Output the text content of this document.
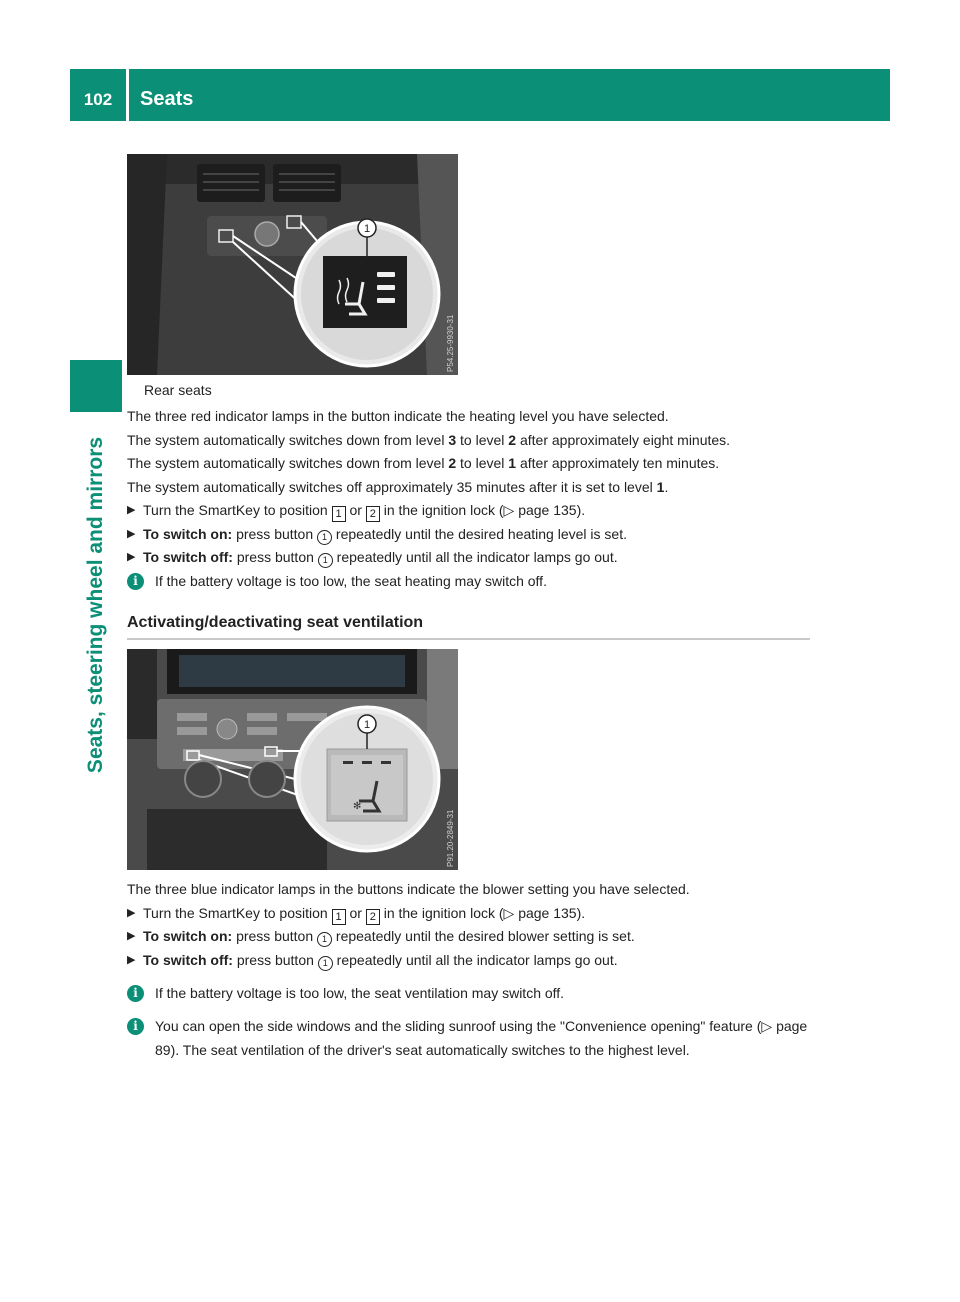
102	Seats
Seats, steering wheel and mirrors
1
P54.25-9930-31
Rear seats

The three red indicator lamps in the button indicate the heating level you have selected.

The system automatically switches down from level 3 to level 2 after approximately eight minutes.

The system automatically switches down from level 2 to level 1 after approximately ten minutes.

The system automatically switches off approximately 35 minutes after it is set to level 1.

▶ Turn the SmartKey to position 1 or 2 in the ignition lock (▷ page 135).

▶ To switch on: press button 1 repeatedly until the desired heating level is set.

▶ To switch off: press button 1 repeatedly until all the indicator lamps go out.

i	If the battery voltage is too low, the seat heating may switch off.

Activating/deactivating seat ventilation
✻
1
P91.20-2849-31

The three blue indicator lamps in the buttons indicate the blower setting you have selected.

▶ Turn the SmartKey to position 1 or 2 in the ignition lock (▷ page 135).

▶ To switch on: press button 1 repeatedly until the desired blower setting is set.

▶ To switch off: press button 1 repeatedly until all the indicator lamps go out.

i	If the battery voltage is too low, the seat ventilation may switch off.

i	You can open the side windows and the sliding sunroof using the "Convenience opening" feature (▷ page 89). The seat ventilation of the driver's seat automatically switches to the highest level.
